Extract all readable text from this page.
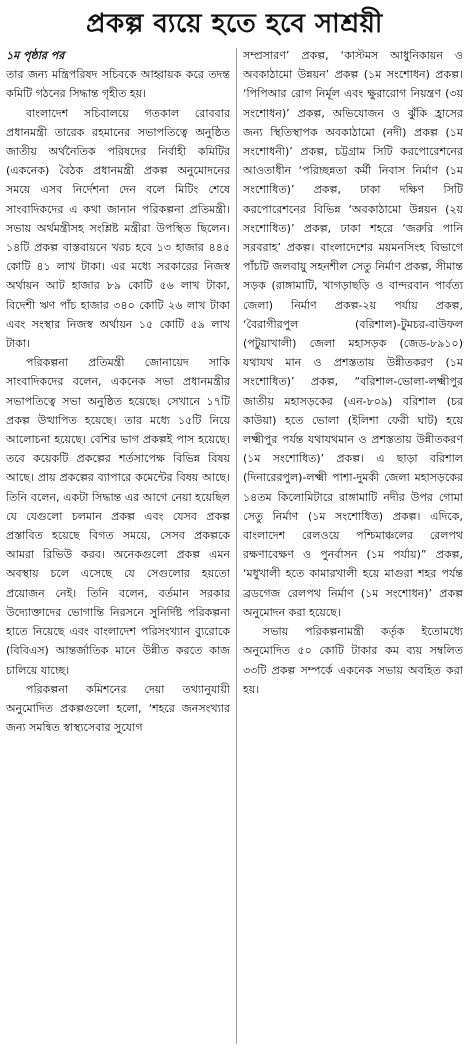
প্রকল্প ব্যয়ে হতে হবে সাশ্রয়ী
১ম পৃষ্ঠার পর

তার জন্য মন্ত্রিপরিষদ সচিবকে আহ্বায়ক করে তদন্ত কমিটি গঠনের সিদ্ধান্ত গৃহীত হয়।

বাংলাদেশ সচিবালয়ে গতকাল রোববার প্রধানমন্ত্রী তারেক রহমানের সভাপতিত্বে অনুষ্ঠিত জাতীয় অর্থনৈতিক পরিষদের নির্বাহী কমিটির (একনেক) বৈঠক প্রধানমন্ত্রী প্রকল্প অনুমোদনের সময়ে এসব নির্দেশনা দেন বলে মিটিং শেষে সাংবাদিকদের এ কথা জানান পরিকল্পনা প্রতিমন্ত্রী। সভায় অর্থমন্ত্রীসহ সংশ্লিষ্ট মন্ত্রীরা উপস্থিত ছিলেন। ১৪টি প্রকল্প বাস্তবায়নে খরচ হবে ১৩ হাজার ৪৪৫ কোটি ৪১ লাখ টাকা। এর মধ্যে সরকারের নিজস্ব অর্থায়ন আট হাজার ৮৯ কোটি ৫৬ লাখ টাকা, বিদেশী ঋণ পাঁচ হাজার ৩৪০ কোটি ২৬ লাখ টাকা এবং সংস্থার নিজস্ব অর্থায়ন ১৫ কোটি ৫৯ লাখ টাকা।

পরিকল্পনা প্রতিমন্ত্রী জোনায়েদ সাকি সাংবাদিকদের বলেন, একনেক সভা প্রধানমন্ত্রীর সভাপতিত্বে সভা অনুষ্ঠিত হয়েছে। সেখানে ১৭টি প্রকল্প উত্থাপিত হয়েছে। তার মধ্যে ১৫টি নিয়ে আলোচনা হয়েছে। বেশির ভাগ প্রকল্পই পাস হয়েছে। তবে কয়েকটি প্রকল্পের শর্তসাপেক্ষ বিভিন্ন বিষয় আছে। প্রায় প্রকল্পের ব্যাপারে কমেন্টের বিষয় আছে। তিনি বলেন, একটা সিদ্ধান্ত এর আগে নেয়া হয়েছিল যে যেগুলো চলমান প্রকল্প এবং যেসব প্রকল্প প্রস্তাবিত হয়েছে বিগত সময়ে, সেসব প্রকল্পকে আমরা রিভিউ করব। অনেকগুলো প্রকল্প এমন অবস্থায় চলে এসেছে যে সেগুলোর হয়তো প্রয়োজন নেই। তিনি বলেন, বর্তমান সরকার উদ্যোক্তাদের ভোগান্তি নিরসনে সুনির্দিষ্ট পরিকল্পনা হাতে নিয়েছে এবং বাংলাদেশ পরিসংখ্যান ব্যুরোকে (বিবিএস) আন্তর্জাতিক মানে উন্নীত করতে কাজ চালিয়ে যাচ্ছে।

পরিকল্পনা কমিশনের দেয়া তথ্যানুযায়ী অনুমোদিত প্রকল্পগুলো হলো, ‘শহরে জনসংখ্যার জন্য সমন্বিত স্বাস্থ্যসেবার সুযোগ

সম্প্রসারণ’ প্রকল্প, ‘কাস্টমস আধুনিকায়ন ও অবকাঠামো উন্নয়ন’ প্রকল্প (১ম সংশোধন) প্রকল্প। ‘পিপিআর রোগ নির্মূল এবং ক্ষুরারোগ নিয়ন্ত্রণ (৩য় সংশোধন)’ প্রকল্প, অভিযোজন ও ঝুঁকি হ্রাসের জন্য স্থিতিস্থাপক অবকাঠামো (নদী) প্রকল্প (১ম সংশোধনী)’ প্রকল্প, চট্টগ্রাম সিটি করপোরেশনের আওতাধীন ‘পরিচ্ছন্নতা কর্মী নিবাস নির্মাণ (১ম সংশোধিত)’ প্রকল্প, ঢাকা দক্ষিণ সিটি করপোরেশনের বিভিন্ন ‘অবকাঠামো উন্নয়ন (২য় সংশোধিত)’ প্রকল্প, ঢাকা শহরে ‘জরুরি পানি সরবরাহ’ প্রকল্প। বাংলাদেশের ময়মনসিংহ বিভাগে পাঁচটি জলবায়ু সহনশীল সেতু নির্মাণ প্রকল্প, সীমান্ত সড়ক (রাঙ্গামাটি, খাগড়াছড়ি ও বান্দরবান পার্বত্য জেলা) নির্মাণ প্রকল্প-২য় পর্যায় প্রকল্প, ‘বৈরাগীরপুল (বরিশাল)-টুমচর-বাউফল (পটুয়াখালী) জেলা মহাসড়ক (জেড-৮৯১০) যথাযথ মান ও প্রশস্ততায় উন্নীতকরণ (১ম সংশোধিত)’ প্রকল্প, “বরিশাল-ভোলা-লক্ষ্মীপুর জাতীয় মহাসড়কের (এন-৮০৯) বরিশাল (চর কাউয়া) হতে ভোলা (ইলিশা ফেরী ঘাট) হয়ে লক্ষ্মীপুর পর্যন্ত যথাযথমান ও প্রশস্ততায় উন্নীতকরণ (১ম সংশোধিত)’ প্রকল্প। এ ছাড়া বরিশাল (দিনারেরপুল)-লক্ষ্মী পাশা-দুমকী জেলা মহাসড়কের ১৪তম কিলোমিটারে রাঙ্গামাটি নদীর উপর গোমা সেতু নির্মাণ (১ম সংশোধিত) প্রকল্প। এদিকে, বাংলাদেশ রেলওয়ে পশ্চিমাঞ্চলের রেলপথ রক্ষণাবেক্ষণ ও পুনর্বাসন (১ম পর্যায়)” প্রকল্প, ‘মধুখালী হতে কামারখালী হয়ে মাগুরা শহর পর্যন্ত ব্রডগেজ রেলপথ নির্মাণ (১ম সংশোধন)’ প্রকল্প অনুমোদন করা হয়েছে।

সভায় পরিকল্পনামন্ত্রী কর্তৃক ইতোমধ্যে অনুমোদিত ৫০ কোটি টাকার কম ব্যয় সম্বলিত ৩৩টি প্রকল্প সম্পর্কে একনেক সভায় অবহিত করা হয়।
